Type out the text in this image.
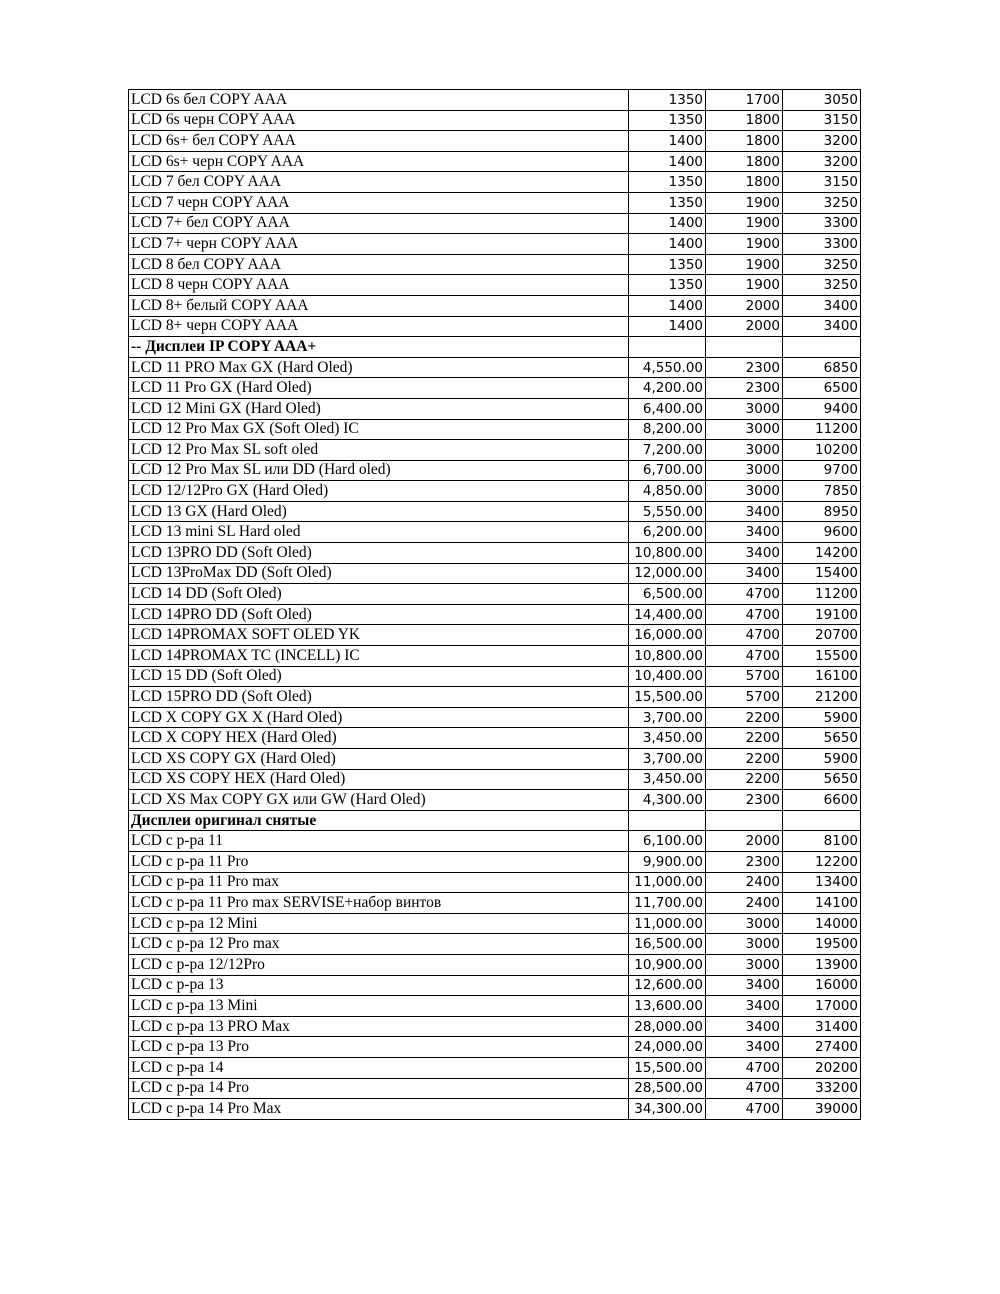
LCD 6s бел COPY AAA	1350	1700	3050
LCD 6s черн COPY AAA	1350	1800	3150
LCD 6s+ бел COPY AAA	1400	1800	3200
LCD 6s+ черн COPY AAA	1400	1800	3200
LCD 7 бел COPY AAA	1350	1800	3150
LCD 7 черн COPY AAA	1350	1900	3250
LCD 7+ бел COPY AAA	1400	1900	3300
LCD 7+ черн COPY AAA	1400	1900	3300
LCD 8 бел COPY AAA	1350	1900	3250
LCD 8 черн COPY AAA	1350	1900	3250
LCD 8+ белый COPY AAA	1400	2000	3400
LCD 8+ черн COPY AAA	1400	2000	3400
-- Дисплеи IP COPY AAA+			
LCD 11 PRO Max GX (Hard Oled)	4,550.00	2300	6850
LCD 11 Pro GX (Hard Oled)	4,200.00	2300	6500
LCD 12 Mini GX (Hard Oled)	6,400.00	3000	9400
LCD 12 Pro Max GX (Soft Oled) IC	8,200.00	3000	11200
LCD 12 Pro Max SL soft oled	7,200.00	3000	10200
LCD 12 Pro Max SL или DD (Hard oled)	6,700.00	3000	9700
LCD 12/12Pro GX (Hard Oled)	4,850.00	3000	7850
LCD 13 GX (Hard Oled)	5,550.00	3400	8950
LCD 13 mini SL Hard oled	6,200.00	3400	9600
LCD 13PRO DD (Soft Oled)	10,800.00	3400	14200
LCD 13ProMax DD (Soft Oled)	12,000.00	3400	15400
LCD 14 DD (Soft Oled)	6,500.00	4700	11200
LCD 14PRO DD (Soft Oled)	14,400.00	4700	19100
LCD 14PROMAX SOFT OLED YK	16,000.00	4700	20700
LCD 14PROMAX TC (INCELL) IC	10,800.00	4700	15500
LCD 15 DD (Soft Oled)	10,400.00	5700	16100
LCD 15PRO DD (Soft Oled)	15,500.00	5700	21200
LCD X COPY GX X (Hard Oled)	3,700.00	2200	5900
LCD X COPY HEX (Hard Oled)	3,450.00	2200	5650
LCD XS COPY GX (Hard Oled)	3,700.00	2200	5900
LCD XS COPY HEX (Hard Oled)	3,450.00	2200	5650
LCD XS Max COPY GX или GW (Hard Oled)	4,300.00	2300	6600
Дисплеи оригинал снятые			
LCD с р-ра 11	6,100.00	2000	8100
LCD с р-ра 11 Pro	9,900.00	2300	12200
LCD с р-ра 11 Pro max	11,000.00	2400	13400
LCD с р-ра 11 Pro max SERVISE+набор винтов	11,700.00	2400	14100
LCD с р-ра 12 Mini	11,000.00	3000	14000
LCD с р-ра 12 Pro max	16,500.00	3000	19500
LCD с р-ра 12/12Pro	10,900.00	3000	13900
LCD с р-ра 13	12,600.00	3400	16000
LCD с р-ра 13 Mini	13,600.00	3400	17000
LCD с р-ра 13 PRO Max	28,000.00	3400	31400
LCD с р-ра 13 Pro	24,000.00	3400	27400
LCD с р-ра 14	15,500.00	4700	20200
LCD с р-ра 14 Pro	28,500.00	4700	33200
LCD с р-ра 14 Pro Max	34,300.00	4700	39000
